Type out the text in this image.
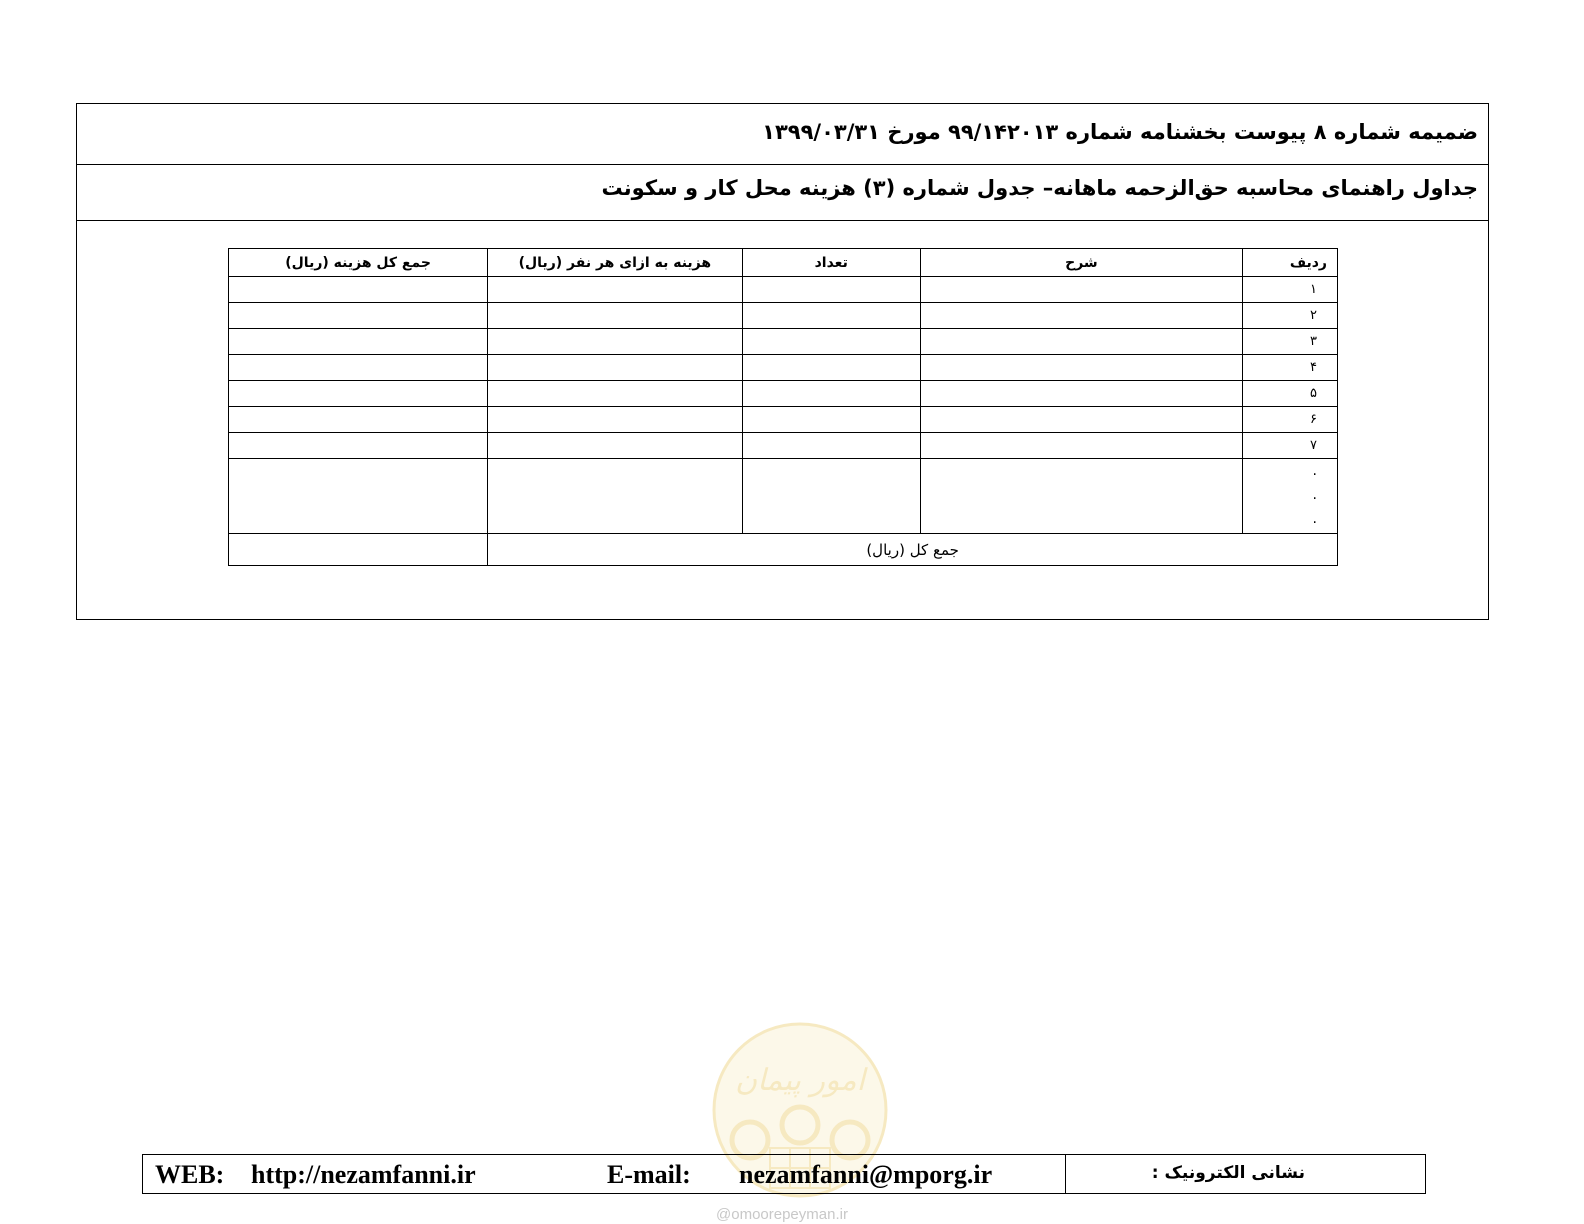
ضمیمه شماره ۸ پیوست بخشنامه شماره ۹۹/۱۴۲۰۱۳ مورخ ۱۳۹۹/۰۳/۳۱
جداول راهنمای محاسبه حق‌الزحمه ماهانه– جدول شماره (۳) هزینه محل کار و سکونت
ردیف	شرح	تعداد	هزینه به ازای هر نفر (ریال)	جمع کل هزینه (ریال)
۱				
۲				
۳				
۴				
۵				
۶				
۷				
.
.
.				
جمع کل (ریال)				
امور پیمان
@omoorepeyman.ir
WEB: http://nezamfanni.ir	E-mail: nezamfanni@mporg.ir	نشانی الکترونیک :
